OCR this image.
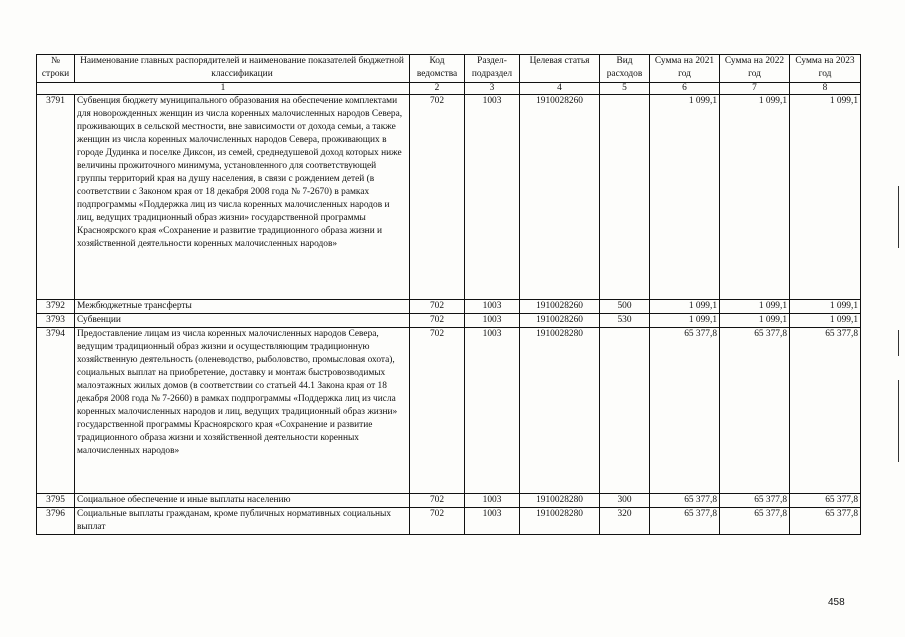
№ строки	Наименование главных распорядителей и наименование показателей бюджетной классификации	Код ведомства	Раздел-подраздел	Целевая статья	Вид расходов	Сумма на 2021 год	Сумма на 2022 год	Сумма на 2023 год
1		2	3	4	5	6	7	8
3791	Субвенция бюджету муниципального образования на обеспечение комплектами для новорожденных женщин из числа коренных малочисленных народов Севера, проживающих в сельской местности, вне зависимости от дохода семьи, а также женщин из числа коренных малочисленных народов Севера, проживающих в городе Дудинка и поселке Диксон, из семей, среднедушевой доход которых ниже величины прожиточного минимума, установленного для соответствующей группы территорий края на душу населения, в связи с рождением детей (в соответствии с Законом края от 18 декабря 2008 года № 7-2670) в рамках подпрограммы «Поддержка лиц из числа коренных малочисленных народов и лиц, ведущих традиционный образ жизни» государственной программы Красноярского края «Сохранение и развитие традиционного образа жизни и хозяйственной деятельности коренных малочисленных народов»	702	1003	1910028260		1 099,1	1 099,1	1 099,1
3792	Межбюджетные трансферты	702	1003	1910028260	500	1 099,1	1 099,1	1 099,1
3793	Субвенции	702	1003	1910028260	530	1 099,1	1 099,1	1 099,1
3794	Предоставление лицам из числа коренных малочисленных народов Севера, ведущим традиционный образ жизни и осуществляющим традиционную хозяйственную деятельность (оленеводство, рыболовство, промысловая охота), социальных выплат на приобретение, доставку и монтаж быстровозводимых малоэтажных жилых домов (в соответствии со статьей 44.1 Закона края от 18 декабря 2008 года № 7-2660) в рамках подпрограммы «Поддержка лиц из числа коренных малочисленных народов и лиц, ведущих традиционный образ жизни» государственной программы Красноярского края «Сохранение и развитие традиционного образа жизни и хозяйственной деятельности коренных малочисленных народов»	702	1003	1910028280		65 377,8	65 377,8	65 377,8
3795	Социальное обеспечение и иные выплаты населению	702	1003	1910028280	300	65 377,8	65 377,8	65 377,8
3796	Социальные выплаты гражданам, кроме публичных нормативных социальных выплат	702	1003	1910028280	320	65 377,8	65 377,8	65 377,8
458
